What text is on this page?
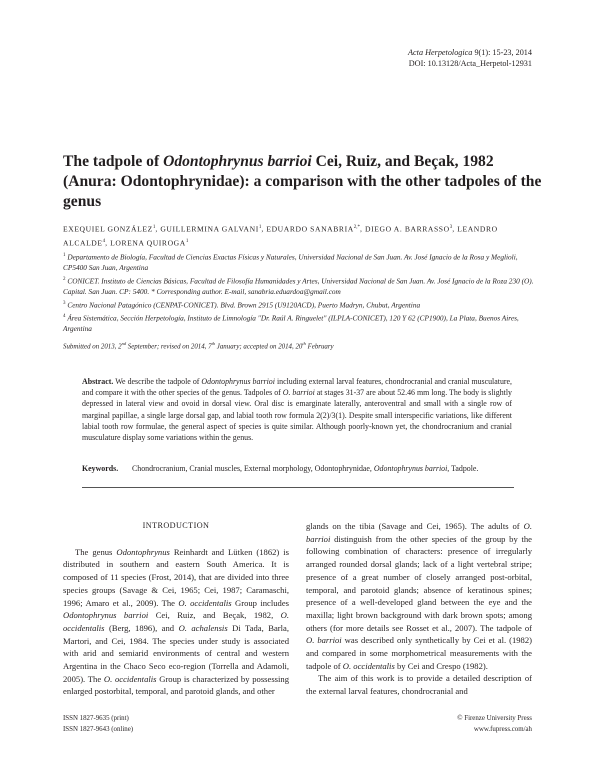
Acta Herpetologica 9(1): 15-23, 2014
DOI: 10.13128/Acta_Herpetol-12931
The tadpole of Odontophrynus barrioi Cei, Ruiz, and Beçak, 1982 (Anura: Odontophrynidae): a comparison with the other tadpoles of the genus
EXEQUIEL GONZÁLEZ$^1$, GUILLERMINA GALVANI$^1$, EDUARDO $SANABRIA^{2,*}$, DIEGO A. BARRASSO$^3$, LEANDRO ALCALDE$^4$, LORENA QUIROGA$^1$

$^1$ Departamento de Biología, Facultad de Ciencias Exactas Físicas y Naturales, Universidad Nacional de San Juan. Av. José Ignacio de la Rosa y Meglioli, CP5400 San Juan, Argentina

$^2$ CONICET. Instituto de Ciencias Básicas, Facultad de Filosofía Humanidades y Artes, Universidad Nacional de San Juan. Av. José Ignacio de la Roza 230 (O). Capital. San Juan. CP: 5400. * Corresponding author. E-mail, sanabria.eduardoa@gmail.com

$^3$ Centro Nacional Patagónico (CENPAT-CONICET). Blvd. Brown 2915 (U9120ACD), Puerto Madryn, Chubut, Argentina

$^4$ Área Sistemática, Sección Herpetología, Instituto de Limnología "Dr. Raúl A. Ringuelet" (ILPLA-CONICET), 120 Y 62 (CP1900), La Plata, Buenos Aires, Argentina

Submitted on 2013, 2nd September; revised on 2014, 7th January; accepted on 2014, 20th February
Abstract. We describe the tadpole of Odontophrynus barrioi including external larval features, chondrocranial and cranial musculature, and compare it with the other species of the genus. Tadpoles of O. barrioi at stages 31-37 are about 52.46 mm long. The body is slightly depressed in lateral view and ovoid in dorsal view. Oral disc is emarginate laterally, anteroventral and small with a single row of marginal papillae, a single large dorsal gap, and labial tooth row formula 2(2)/3(1). Despite small interspecific variations, like different labial tooth row formulae, the general aspect of species is quite similar. Although poorly-known yet, the chondrocranium and cranial musculature display some variations within the genus.
Keywords.	Chondrocranium, Cranial muscles, External morphology, Odontophrynidae, Odontophrynus barrioi, Tadpole.

INTRODUCTION

The genus Odontophrynus Reinhardt and Lütken (1862) is distributed in southern and eastern South America. It is composed of 11 species (Frost, 2014), that are divided into three species groups (Savage & Cei, 1965; Cei, 1987; Caramaschi, 1996; Amaro et al., 2009). The O. occidentalis Group includes Odontophrynus barrioi Cei, Ruiz, and Beçak, 1982, O. occidentalis (Berg, 1896), and O. achalensis Di Tada, Barla, Martori, and Cei, 1984. The species under study is associated with arid and semiarid environments of central and western Argentina in the Chaco Seco eco-region (Torrella and Adamoli, 2005). The O. occidentalis Group is characterized by possessing enlarged postorbital, temporal, and parotoid glands, and other

glands on the tibia (Savage and Cei, 1965). The adults of O. barrioi distinguish from the other species of the group by the following combination of characters: presence of irregularly arranged rounded dorsal glands; lack of a light vertebral stripe; presence of a great number of closely arranged post-orbital, temporal, and parotoid glands; absence of keratinous spines; presence of a well-developed gland between the eye and the maxilla; light brown background with dark brown spots; among others (for more details see Rosset et al., 2007). The tadpole of O. barrioi was described only synthetically by Cei et al. (1982) and compared in some morphometrical measurements with the tadpole of O. occidentalis by Cei and Crespo (1982).

The aim of this work is to provide a detailed description of the external larval features, chondrocranial and

ISSN 1827-9635 (print)
ISSN 1827-9643 (online)
© Firenze University Press
www.fupress.com/ah
